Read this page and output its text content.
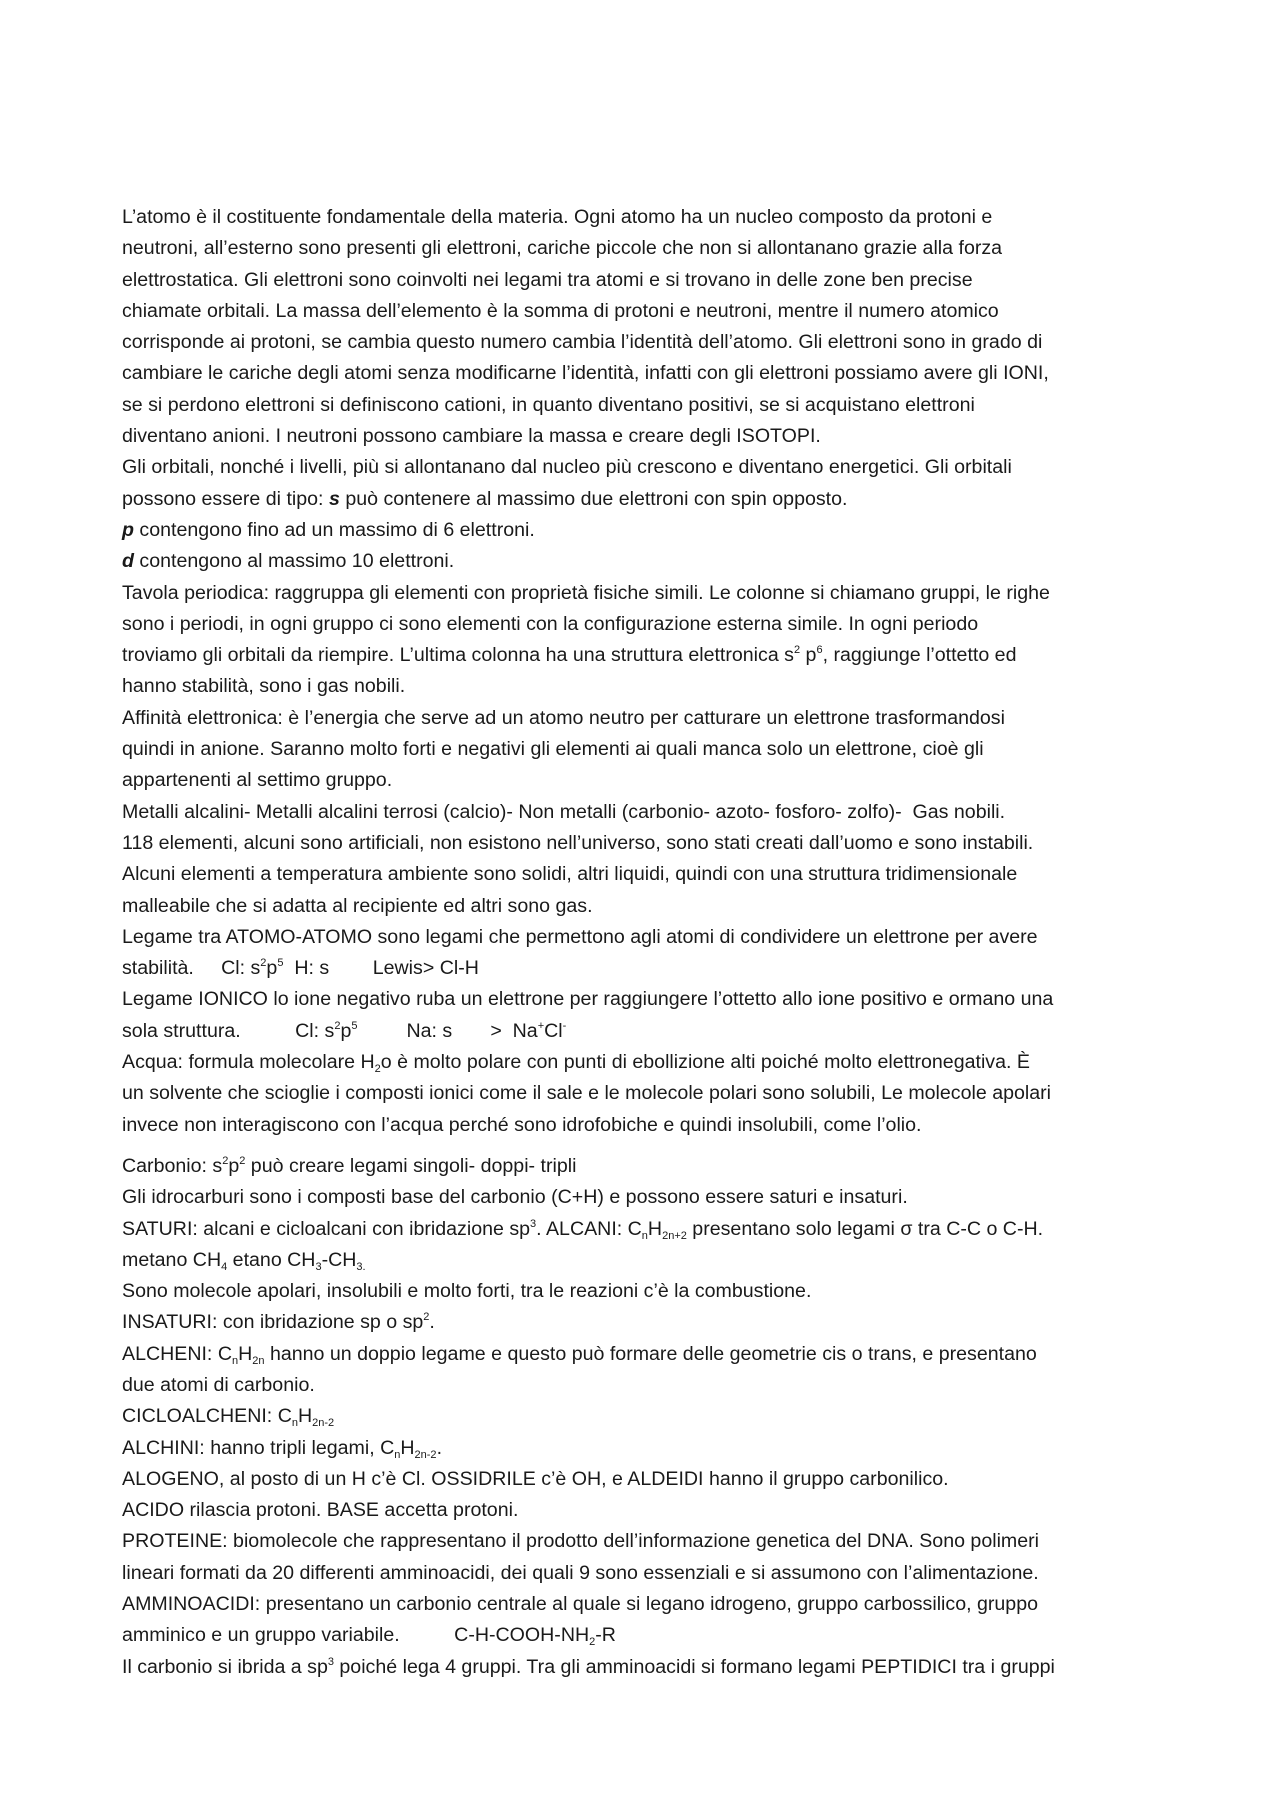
L’atomo è il costituente fondamentale della materia. Ogni atomo ha un nucleo composto da protoni e
neutroni, all’esterno sono presenti gli elettroni, cariche piccole che non si allontanano grazie alla forza
elettrostatica. Gli elettroni sono coinvolti nei legami tra atomi e si trovano in delle zone ben precise
chiamate orbitali. La massa dell’elemento è la somma di protoni e neutroni, mentre il numero atomico
corrisponde ai protoni, se cambia questo numero cambia l’identità dell’atomo. Gli elettroni sono in grado di
cambiare le cariche degli atomi senza modificarne l’identità, infatti con gli elettroni possiamo avere gli IONI,
se si perdono elettroni si definiscono cationi, in quanto diventano positivi, se si acquistano elettroni
diventano anioni. I neutroni possono cambiare la massa e creare degli ISOTOPI.
Gli orbitali, nonché i livelli, più si allontanano dal nucleo più crescono e diventano energetici. Gli orbitali
possono essere di tipo: s può contenere al massimo due elettroni con spin opposto.
p contengono fino ad un massimo di 6 elettroni.
d contengono al massimo 10 elettroni.
Tavola periodica: raggruppa gli elementi con proprietà fisiche simili. Le colonne si chiamano gruppi, le righe
sono i periodi, in ogni gruppo ci sono elementi con la configurazione esterna simile. In ogni periodo
troviamo gli orbitali da riempire. L’ultima colonna ha una struttura elettronica $s^2$ $p^6$, raggiunge l’ottetto ed
hanno stabilità, sono i gas nobili.
Affinità elettronica: è l’energia che serve ad un atomo neutro per catturare un elettrone trasformandosi
quindi in anione. Saranno molto forti e negativi gli elementi ai quali manca solo un elettrone, cioè gli
appartenenti al settimo gruppo.
Metalli alcalini- Metalli alcalini terrosi (calcio)- Non metalli (carbonio- azoto- fosforo- zolfo)-  Gas nobili.
118 elementi, alcuni sono artificiali, non esistono nell’universo, sono stati creati dall’uomo e sono instabili.
Alcuni elementi a temperatura ambiente sono solidi, altri liquidi, quindi con una struttura tridimensionale
malleabile che si adatta al recipiente ed altri sono gas.
Legame tra ATOMO-ATOMO sono legami che permettono agli atomi di condividere un elettrone per avere
stabilità.     Cl: $s^2p^5$  H: s        Lewis> Cl-H
Legame IONICO lo ione negativo ruba un elettrone per raggiungere l’ottetto allo ione positivo e ormano una
sola struttura.          Cl: $s^2p^5$         Na: s       >  Na+Cl-
Acqua: formula molecolare $H_2o$ è molto polare con punti di ebollizione alti poiché molto elettronegativa. È
un solvente che scioglie i composti ionici come il sale e le molecole polari sono solubili, Le molecole apolari
invece non interagiscono con l’acqua perché sono idrofobiche e quindi insolubili, come l’olio.
Carbonio: $s^2p^2$ può creare legami singoli- doppi- tripli
Gli idrocarburi sono i composti base del carbonio (C+H) e possono essere saturi e insaturi.
SATURI: alcani e cicloalcani con ibridazione $sp^3$. ALCANI: $C_nH_{2n+2}$ presentano solo legami σ tra C-C o C-H.
metano $CH_4$ etano $CH_3-CH_{3.}$
Sono molecole apolari, insolubili e molto forti, tra le reazioni c’è la combustione.
INSATURI: con ibridazione sp o $sp^2$.
ALCHENI: $C_nH_{2n}$ hanno un doppio legame e questo può formare delle geometrie cis o trans, e presentano
due atomi di carbonio.
CICLOALCHENI: $C_nH_{2n-2}$
ALCHINI: hanno tripli legami, $C_nH_{2n-2}$.
ALOGENO, al posto di un H c’è Cl. OSSIDRILE c’è OH, e ALDEIDI hanno il gruppo carbonilico.
ACIDO rilascia protoni. BASE accetta protoni.
PROTEINE: biomolecole che rappresentano il prodotto dell’informazione genetica del DNA. Sono polimeri
lineari formati da 20 differenti amminoacidi, dei quali 9 sono essenziali e si assumono con l’alimentazione.
AMMINOACIDI: presentano un carbonio centrale al quale si legano idrogeno, gruppo carbossilico, gruppo
amminico e un gruppo variabile.          $C-H-COOH-NH_2-R$
Il carbonio si ibrida a $sp^3$ poiché lega 4 gruppi. Tra gli amminoacidi si formano legami PEPTIDICI tra i gruppi
